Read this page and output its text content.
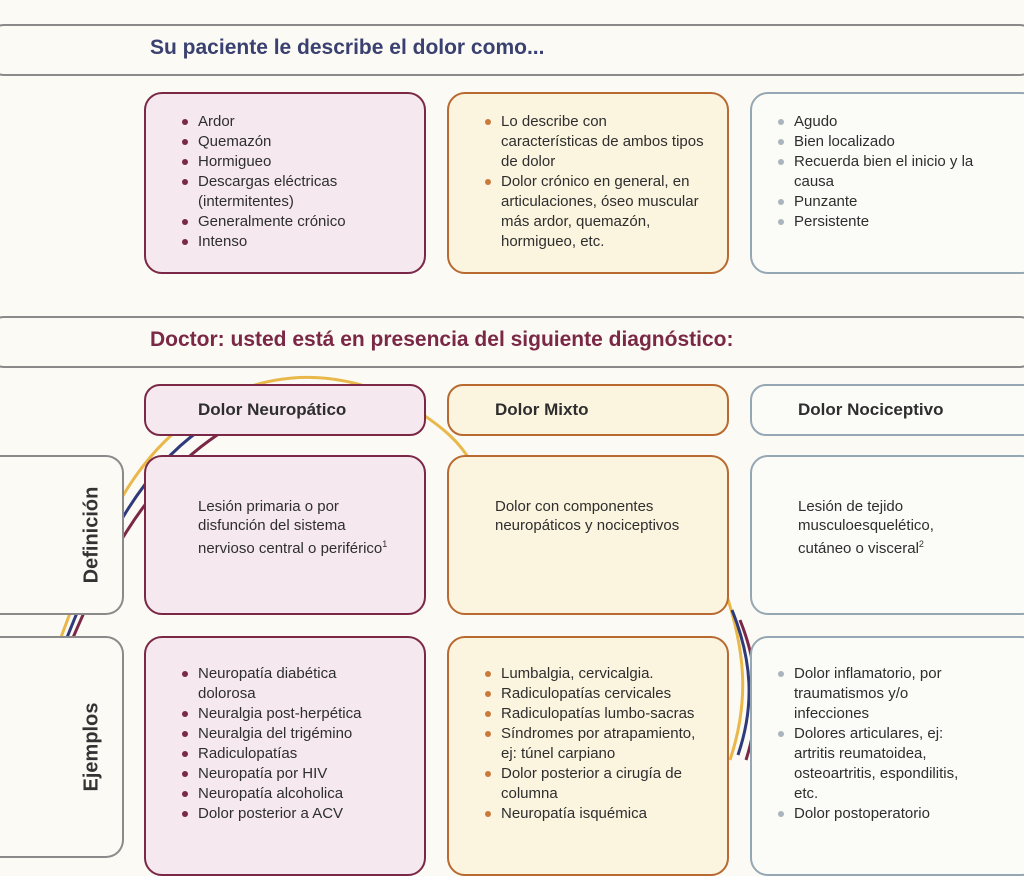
Su paciente le describe el dolor como...
Ardor
Quemazón
Hormigueo
Descargas eléctricas (intermitentes)
Generalmente crónico
Intenso
Lo describe con características de ambos tipos de dolor
Dolor crónico en general, en articulaciones, óseo muscular más ardor, quemazón, hormigueo, etc.
Agudo
Bien localizado
Recuerda bien el inicio y la causa
Punzante
Persistente
Doctor: usted está en presencia del siguiente diagnóstico:
Dolor Neuropático	Dolor Mixto	Dolor Nociceptivo
Definición
Ejemplos
Lesión primaria o por disfunción del sistema nervioso central o periférico$^1$
Dolor con componentes neuropáticos y nociceptivos
Lesión de tejido musculoesquelético, cutáneo o visceral$^2$
Neuropatía diabética dolorosa
Neuralgia post-herpética
Neuralgia del trigémino
Radiculopatías
Neuropatía por HIV
Neuropatía alcoholica
Dolor posterior a ACV
Lumbalgia, cervicalgia.
Radiculopatías cervicales
Radiculopatías lumbo-sacras
Síndromes por atrapamiento, ej: túnel carpiano
Dolor posterior a cirugía de columna
Neuropatía isquémica
Dolor inflamatorio, por traumatismos y/o infecciones
Dolores articulares, ej: artritis reumatoidea, osteoartritis, espondilitis, etc.
Dolor postoperatorio
